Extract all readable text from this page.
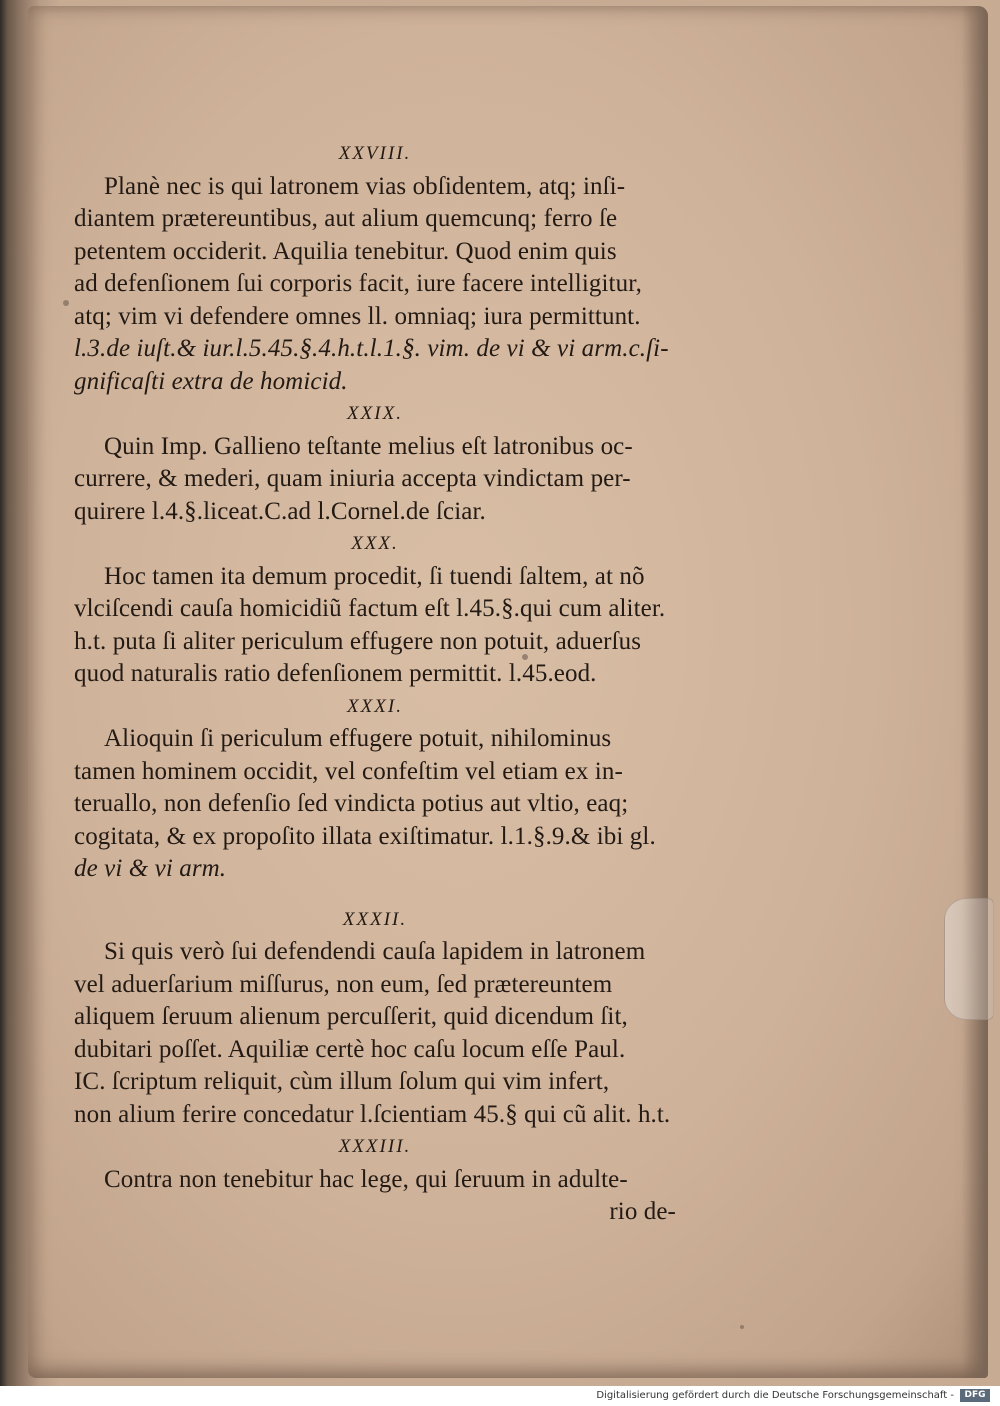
XXVIII.
Planè nec is qui latronem vias obſidentem, atq; inſi-
diantem prætereuntibus, aut alium quemcunq; ferro ſe
petentem occiderit. Aquilia tenebitur. Quod enim quis
ad defenſionem ſui corporis facit, iure facere intelligitur,
atq; vim vi defendere omnes ll. omniaq; iura permittunt.
l.3.de iuſt.& iur.l.5.45.§.4.h.t.l.1.§. vim. de vi & vi arm.c.ſi-
gnificaſti extra de homicid.
XXIX.
Quin Imp. Gallieno teſtante melius eſt latronibus oc-
currere, & mederi, quam iniuria accepta vindictam per-
quirere l.4.§.liceat.C.ad l.Cornel.de ſciar.
XXX.
Hoc tamen ita demum procedit, ſi tuendi ſaltem, at nõ
vlciſcendi cauſa homicidiũ factum eſt l.45.§.qui cum aliter.
h.t. puta ſi aliter periculum effugere non potuit, aduerſus
quod naturalis ratio defenſionem permittit. l.45.eod.
XXXI.
Alioquin ſi periculum effugere potuit, nihilominus
tamen hominem occidit, vel confeſtim vel etiam ex in-
teruallo, non defenſio ſed vindicta potius aut vltio, eaq;
cogitata, & ex propoſito illata exiſtimatur. l.1.§.9.& ibi gl.
de vi & vi arm.
XXXII.
Si quis verò ſui defendendi cauſa lapidem in latronem
vel aduerſarium miſſurus, non eum, ſed prætereuntem
aliquem ſeruum alienum percuſſerit, quid dicendum ſit,
dubitari poſſet. Aquiliæ certè hoc caſu locum eſſe Paul.
IC. ſcriptum reliquit, cùm illum ſolum qui vim infert,
non alium ferire concedatur l.ſcientiam 45.§ qui cũ alit. h.t.
XXXIII.
Contra non tenebitur hac lege, qui ſeruum in adulte-
rio de-
Digitalisierung gefördert durch die Deutsche Forschungsgemeinschaft -	DFG
